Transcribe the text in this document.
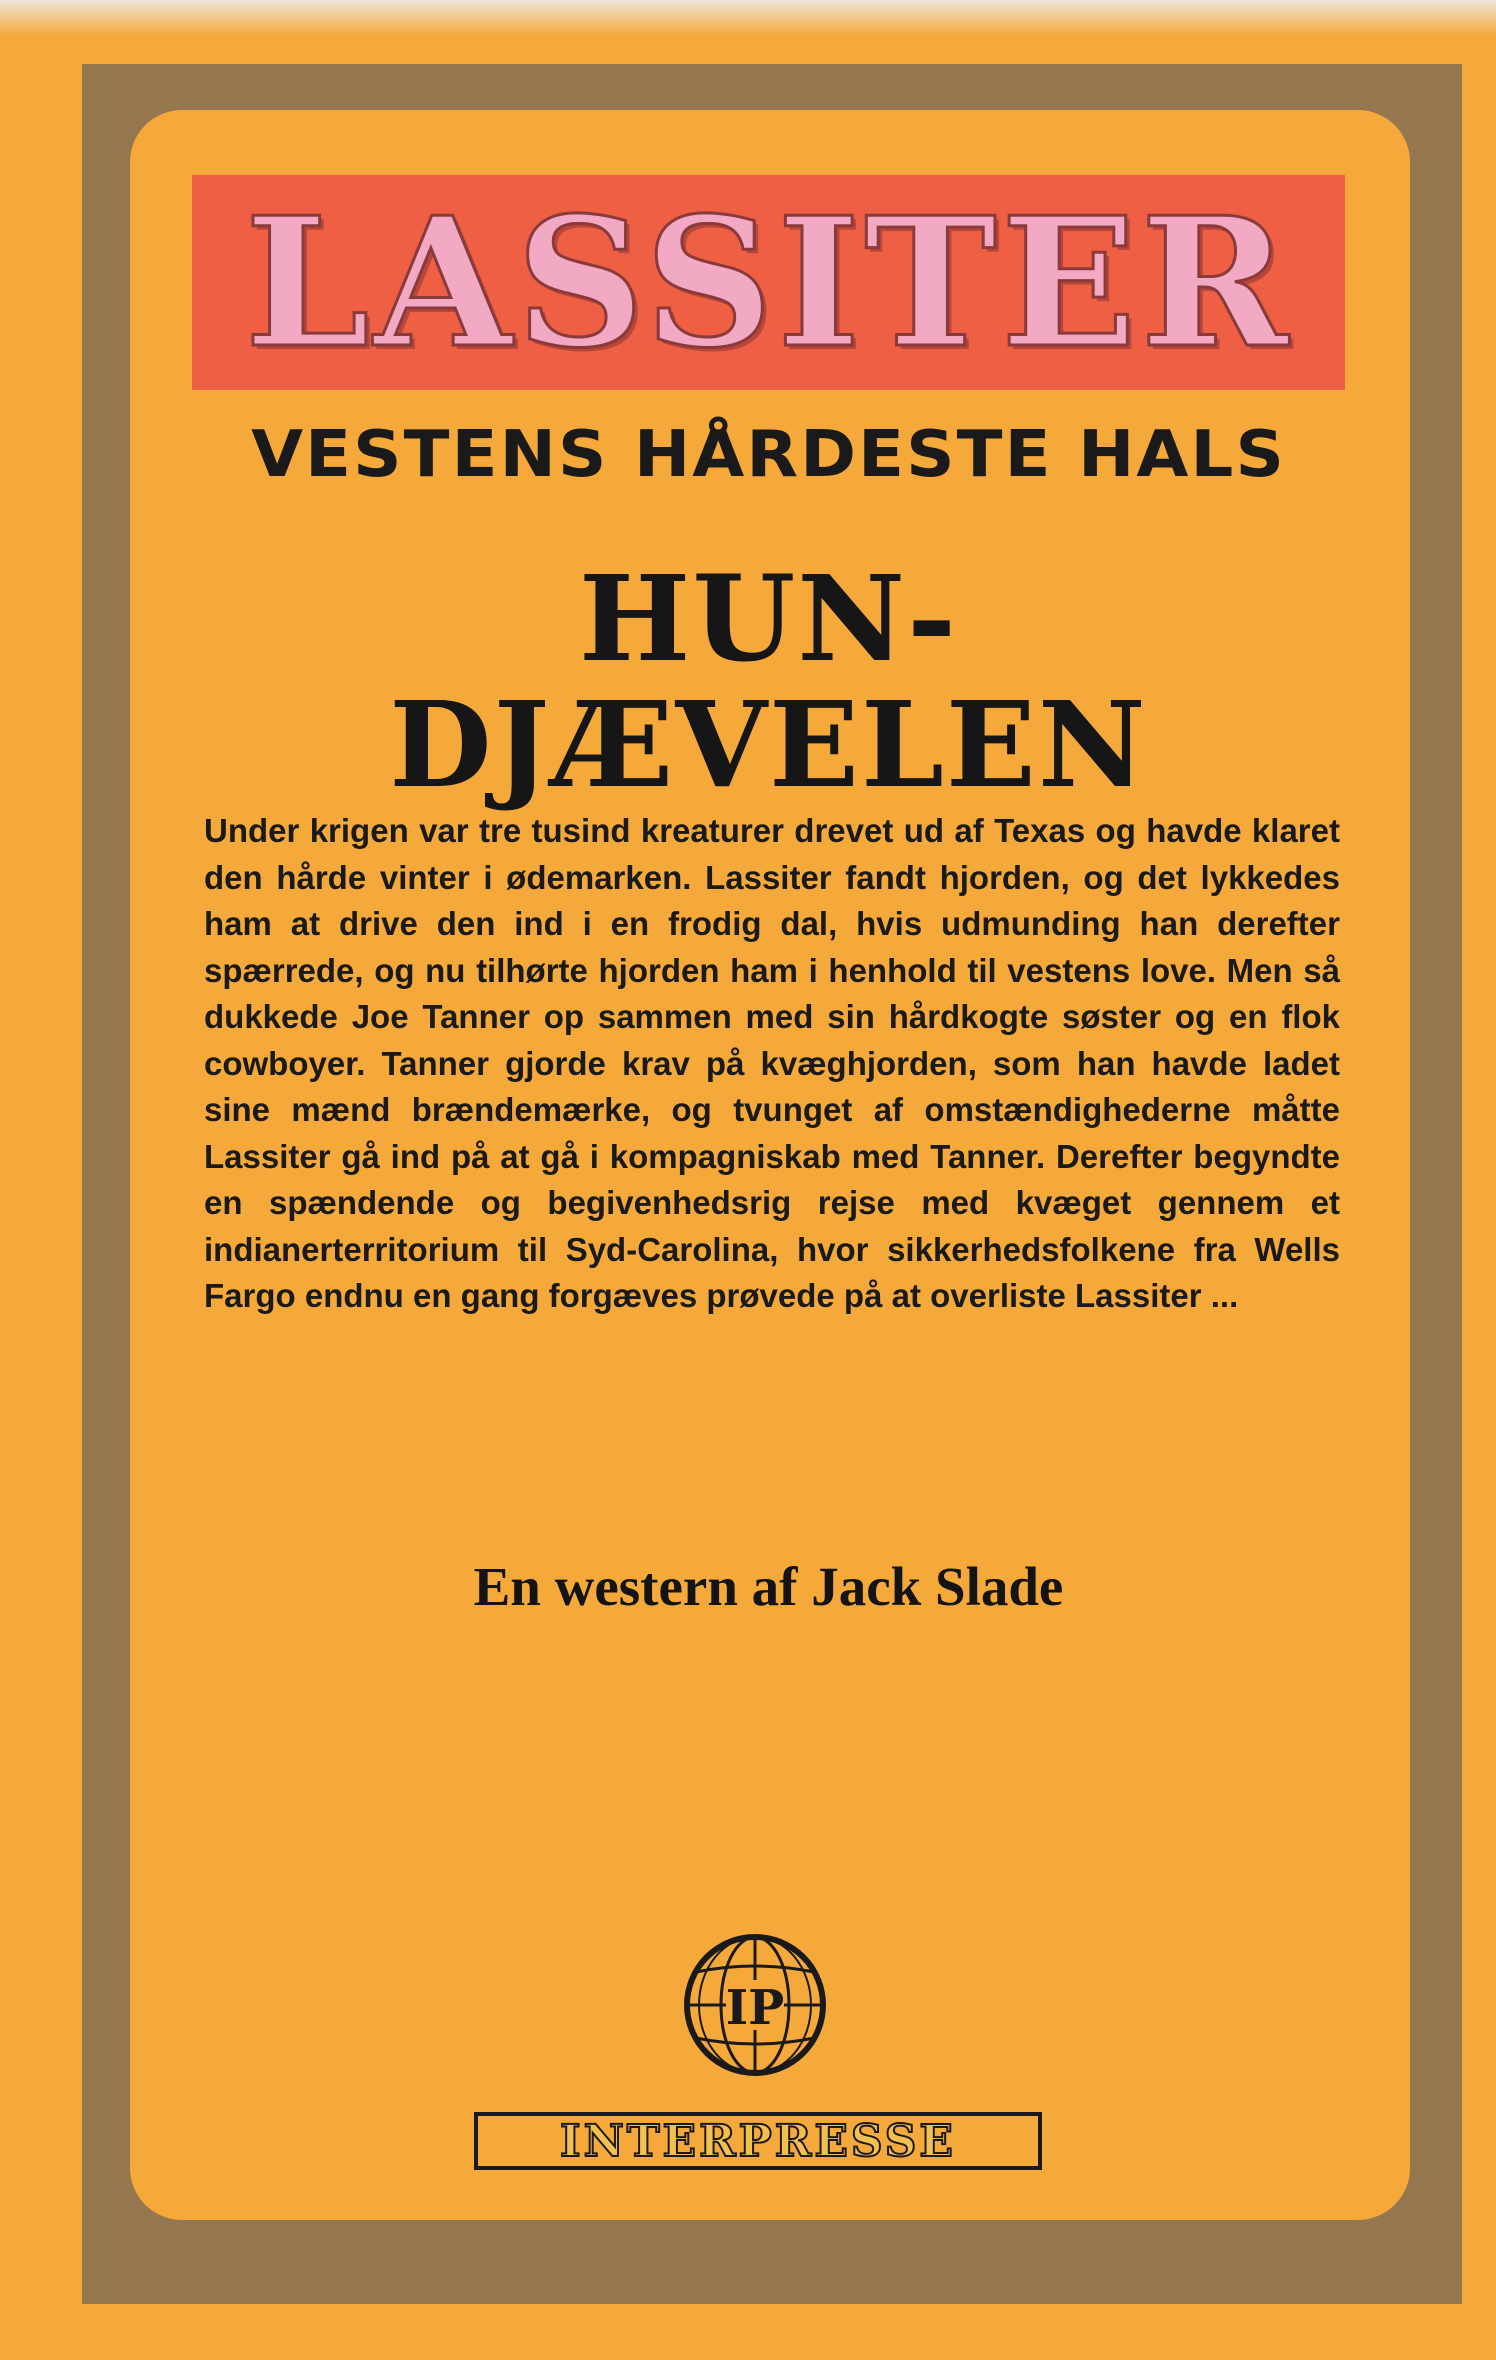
LASSITER
VESTENS HÅRDESTE HALS
HUN-
DJÆVELEN
Under krigen var tre tusind kreaturer drevet ud af Texas og havde klaret den hårde vinter i ødemarken. Lassiter fandt hjorden, og det lykkedes ham at drive den ind i en frodig dal, hvis udmunding han derefter spærrede, og nu tilhørte hjorden ham i henhold til vestens love. Men så dukkede Joe Tanner op sammen med sin hårdkogte søster og en flok cowboyer. Tanner gjorde krav på kvæghjorden, som han havde ladet sine mænd brændemærke, og tvunget af omstændighederne måtte Lassiter gå ind på at gå i kompagniskab med Tanner. Derefter begyndte en spændende og begivenhedsrig rejse med kvæget gennem et indianerterritorium til Syd-Carolina, hvor sikkerhedsfolkene fra Wells Fargo endnu en gang forgæves prøvede på at overliste Lassiter ...
En western af Jack Slade
IP
INTERPRESSE
